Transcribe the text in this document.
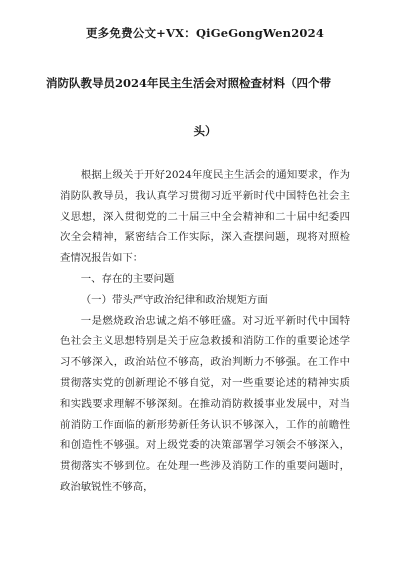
更多免费公文+VX：QiGeGongWen2024
消防队教导员2024年民主生活会对照检查材料（四个带
头）

根据上级关于开好2024年度民主生活会的通知要求，作为消防队教导员，我认真学习贯彻习近平新时代中国特色社会主义思想，深入贯彻党的二十届三中全会精神和二十届中纪委四次全会精神，紧密结合工作实际，深入查摆问题，现将对照检查情况报告如下：

一、存在的主要问题

（一）带头严守政治纪律和政治规矩方面

一是燃烧政治忠诚之焰不够旺盛。对习近平新时代中国特色社会主义思想特别是关于应急救援和消防工作的重要论述学习不够深入，政治站位不够高，政治判断力不够强。在工作中贯彻落实党的创新理论不够自觉，对一些重要论述的精神实质和实践要求理解不够深刻。在推动消防救援事业发展中，对当前消防工作面临的新形势新任务认识不够深入，工作的前瞻性和创造性不够强。对上级党委的决策部署学习领会不够深入，贯彻落实不够到位。在处理一些涉及消防工作的重要问题时，政治敏锐性不够高，
